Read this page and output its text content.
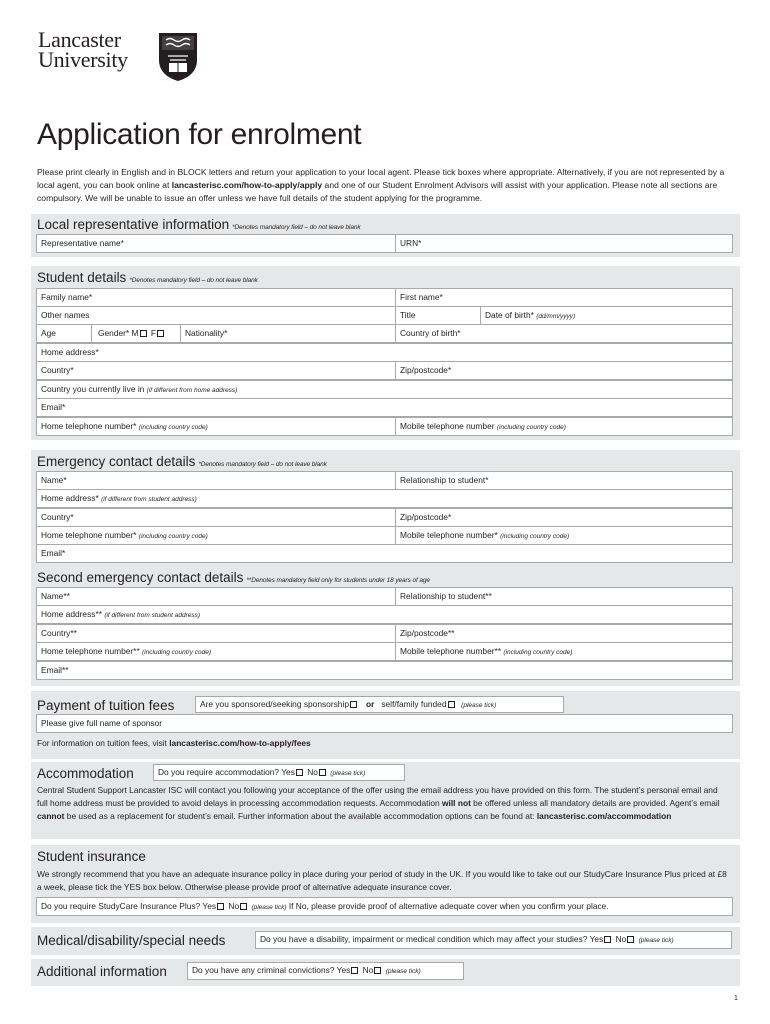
Lancaster
University
Application for enrolment

Please print clearly in English and in BLOCK letters and return your application to your local agent. Please tick boxes where appropriate. Alternatively, if you are not represented by a local agent, you can book online at lancasterisc.com/how-to-apply/apply and one of our Student Enrolment Advisors will assist with your application. Please note all sections are compulsory. We will be unable to issue an offer unless we have full details of the student applying for the programme.

Local representative information *Denotes mandatory field – do not leave blank
Representative name*	URN*
Student details *Denotes mandatory field – do not leave blank
Family name*	First name*
Other names	Title	Date of birth* (dd/mm/yyyy)
Age	Gender* M F	Nationality*	Country of birth*
Home address*
Country*	Zip/postcode*
Country you currently live in (if different from home address)
Email*
Home telephone number* (including country code)	Mobile telephone number (including country code)
Emergency contact details *Denotes mandatory field – do not leave blank
Name*	Relationship to student*
Home address* (if different from student address)
Country*	Zip/postcode*
Home telephone number* (including country code)	Mobile telephone number* (including country code)
Email*
Second emergency contact details **Denotes mandatory field only for students under 18 years of age
Name**	Relationship to student**
Home address** (if different from student address)
Country**	Zip/postcode**
Home telephone number** (including country code)	Mobile telephone number** (including country code)
Email**
Payment of tuition fees	Are you sponsored/seeking sponsorship or self/family funded (please tick)
Please give full name of sponsor
For information on tuition fees, visit lancasterisc.com/how-to-apply/fees
Accommodation	Do you require accommodation? Yes No (please tick)

Central Student Support Lancaster ISC will contact you following your acceptance of the offer using the email address you have provided on this form. The student’s personal email and full home address must be provided to avoid delays in processing accommodation requests. Accommodation will not be offered unless all mandatory details are provided. Agent’s email cannot be used as a replacement for student’s email. Further information about the available accommodation options can be found at: lancasterisc.com/accommodation

Student insurance

We strongly recommend that you have an adequate insurance policy in place during your period of study in the UK. If you would like to take out our StudyCare Insurance Plus priced at £8 a week, please tick the YES box below. Otherwise please provide proof of alternative adequate insurance cover.

Do you require StudyCare Insurance Plus? Yes No (please tick) If No, please provide proof of alternative adequate cover when you confirm your place.
Medical/disability/special needs	Do you have a disability, impairment or medical condition which may affect your studies? Yes No (please tick)
Additional information	Do you have any criminal convictions? Yes No (please tick)
1
